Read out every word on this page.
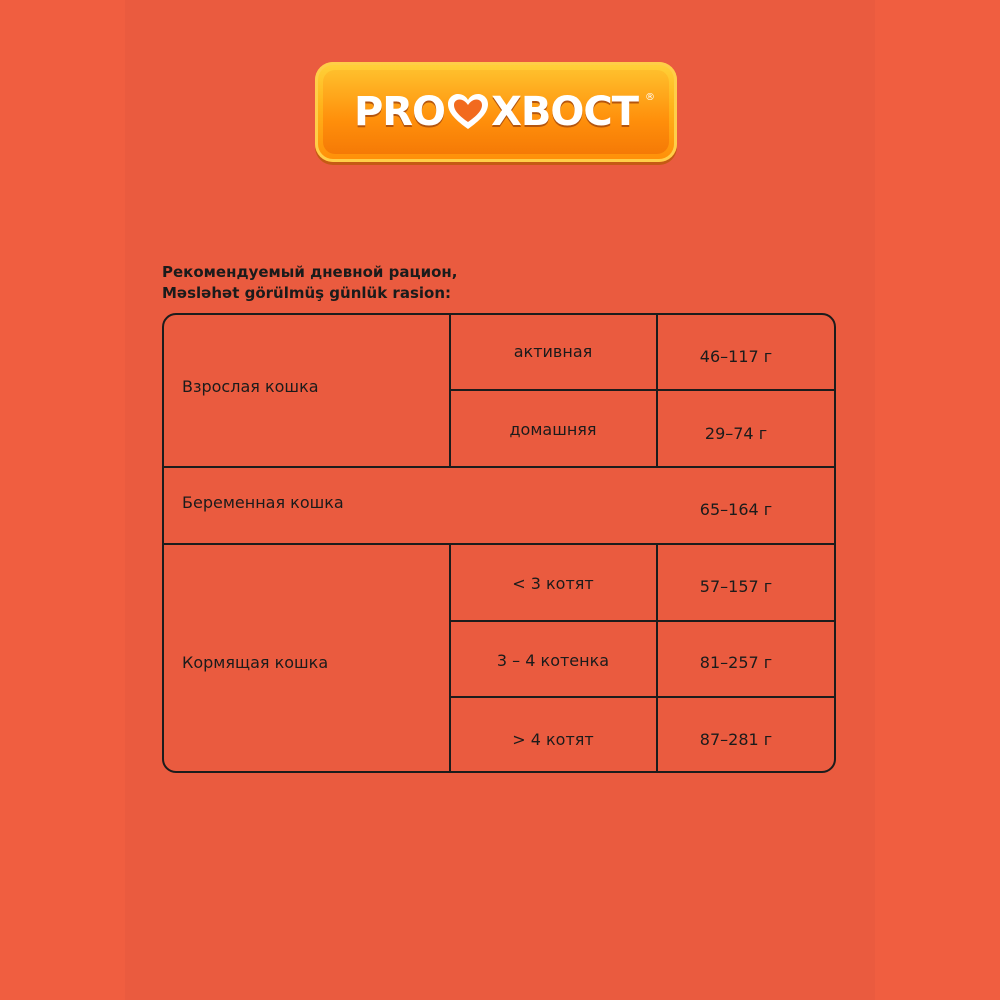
PRO XBOCT ®
Рекомендуемый дневной рацион,
Məsləhət görülmüş günlük rasion:
Взрослая кошка
активная	46–117 г
домашняя	29–74 г
Беременная кошка	65–164 г
Кормящая кошка
< 3 котят	57–157 г
3 – 4 котенка	81–257 г
> 4 котят	87–281 г
